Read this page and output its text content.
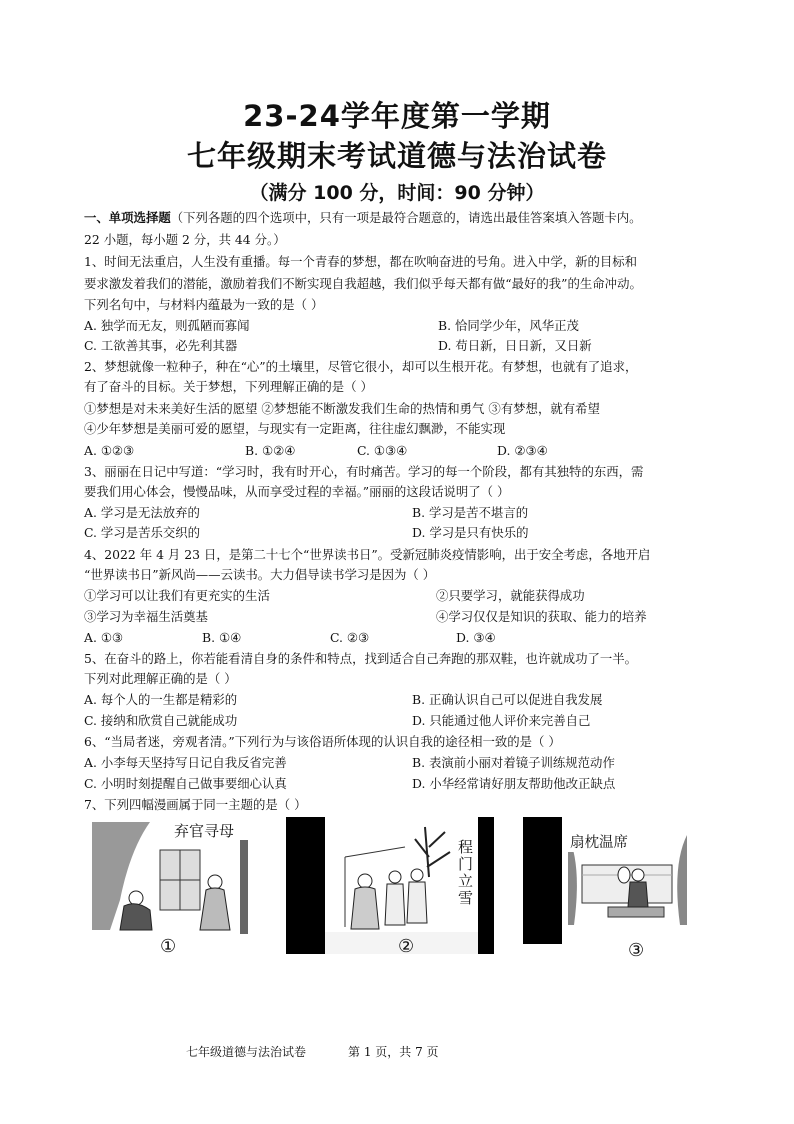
23-24学年度第一学期
七年级期末考试道德与法治试卷
（满分 100 分，时间：90 分钟）
一、单项选择题（下列各题的四个选项中，只有一项是最符合题意的，请选出最佳答案填入答题卡内。
22 小题，每小题 2 分，共 44 分。）
1、时间无法重启，人生没有重播。每一个青春的梦想，都在吹响奋进的号角。进入中学，新的目标和
要求激发着我们的潜能，激励着我们不断实现自我超越，我们似乎每天都有做“最好的我”的生命冲动。
下列名句中，与材料内蕴最为一致的是（ ）
A. 独学而无友，则孤陋而寡闻	B. 恰同学少年，风华正茂
C. 工欲善其事，必先利其器	D. 苟日新，日日新，又日新
2、梦想就像一粒种子，种在“心”的土壤里，尽管它很小，却可以生根开花。有梦想，也就有了追求，
有了奋斗的目标。关于梦想，下列理解正确的是（ ）
①梦想是对未来美好生活的愿望 ②梦想能不断激发我们生命的热情和勇气 ③有梦想，就有希望
④少年梦想是美丽可爱的愿望，与现实有一定距离，往往虚幻飘渺，不能实现
A. ①②③	B. ①②④	C. ①③④	D. ②③④
3、丽丽在日记中写道：“学习时，我有时开心，有时痛苦。学习的每一个阶段，都有其独特的东西，需
要我们用心体会，慢慢品味，从而享受过程的幸福。”丽丽的这段话说明了（ ）
A. 学习是无法放弃的	B. 学习是苦不堪言的
C. 学习是苦乐交织的	D. 学习是只有快乐的
4、2022 年 4 月 23 日，是第二十七个“世界读书日”。受新冠肺炎疫情影响，出于安全考虑，各地开启
“世界读书日”新风尚——云读书。大力倡导读书学习是因为（ ）
①学习可以让我们有更充实的生活	②只要学习，就能获得成功
③学习为幸福生活奠基	④学习仅仅是知识的获取、能力的培养
A. ①③	B. ①④	C. ②③	D. ③④
5、在奋斗的路上，你若能看清自身的条件和特点，找到适合自己奔跑的那双鞋，也许就成功了一半。
下列对此理解正确的是（ ）
A. 每个人的一生都是精彩的	B. 正确认识自己可以促进自我发展
C. 接纳和欣赏自己就能成功	D. 只能通过他人评价来完善自己
6、“当局者迷，旁观者清。”下列行为与该俗语所体现的认识自我的途径相一致的是（ ）
A. 小李每天坚持写日记自我反省完善	B. 表演前小丽对着镜子训练规范动作
C. 小明时刻提醒自己做事要细心认真	D. 小华经常请好朋友帮助他改正缺点
7、下列四幅漫画属于同一主题的是（ ）
弃官寻母
①
程门立雪
②
扇枕温席
③
七年级道德与法治试卷	第 1 页，共 7 页
